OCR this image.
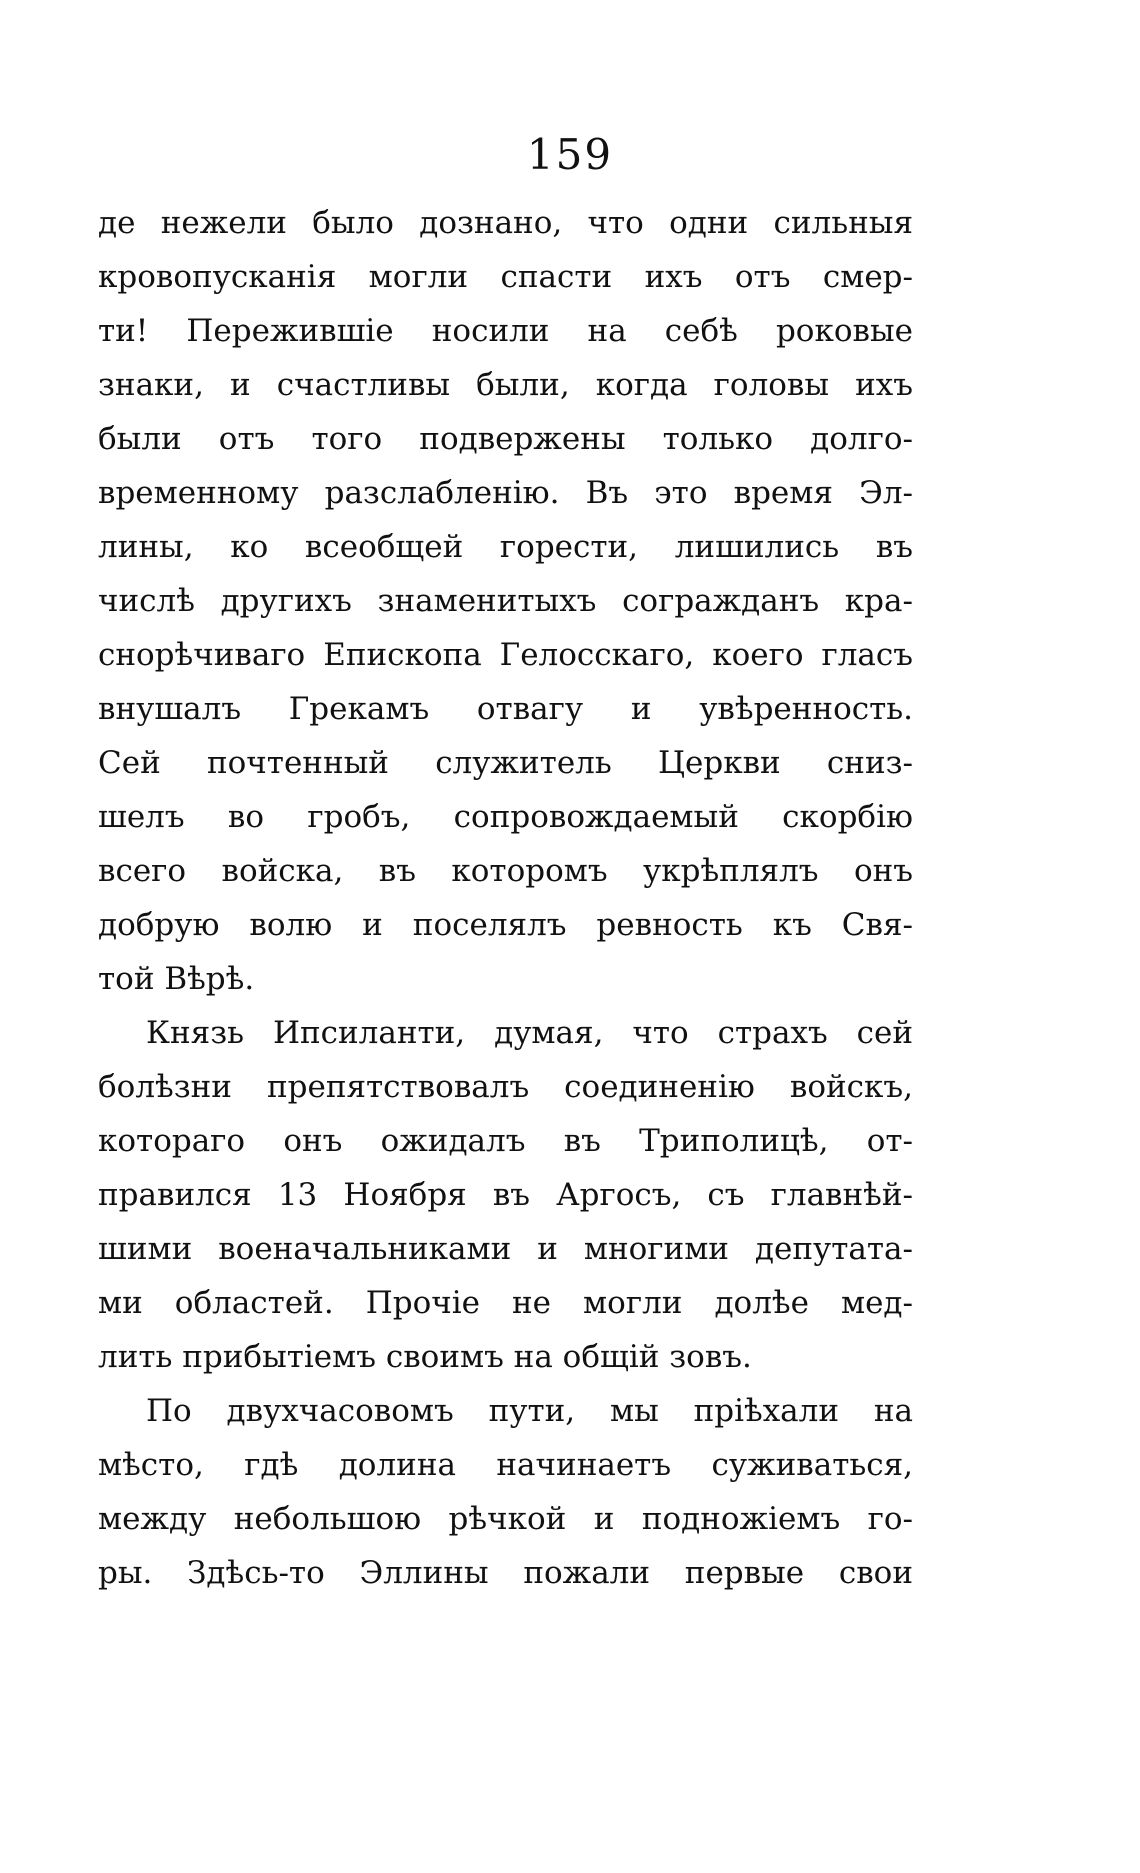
159
де нежели было дознано, что одни сильныя
кровопусканія могли спасти ихъ отъ смер-
ти! Пережившіе носили на себѣ роковые
знаки, и счастливы были, когда головы ихъ
были отъ того подвержены только долго-
временному разслабленію. Въ это время Эл-
лины, ко всеобщей горести, лишились въ
числѣ другихъ знаменитыхъ согражданъ кра-
снорѣчиваго Епископа Гелосскаго, коего гласъ
внушалъ Грекамъ отвагу и увѣренность.
Сей почтенный служитель Церкви сниз-
шелъ во гробъ, сопровождаемый скорбію
всего войска, въ которомъ укрѣплялъ онъ
добрую волю и поселялъ ревность къ Свя-
той Вѣрѣ.
Князь Ипсиланти, думая, что страхъ сей
болѣзни препятствовалъ соединенію войскъ,
котораго онъ ожидалъ въ Триполицѣ, от-
правился 13 Ноября въ Аргосъ, съ главнѣй-
шими военачальниками и многими депутата-
ми областей. Прочіе не могли долѣе мед-
лить прибытіемъ своимъ на общій зовъ.
По двухчасовомъ пути, мы пріѣхали на
мѣсто, гдѣ долина начинаетъ суживаться,
между небольшою рѣчкой и подножіемъ го-
ры. Здѣсь-то Эллины пожали первые свои
